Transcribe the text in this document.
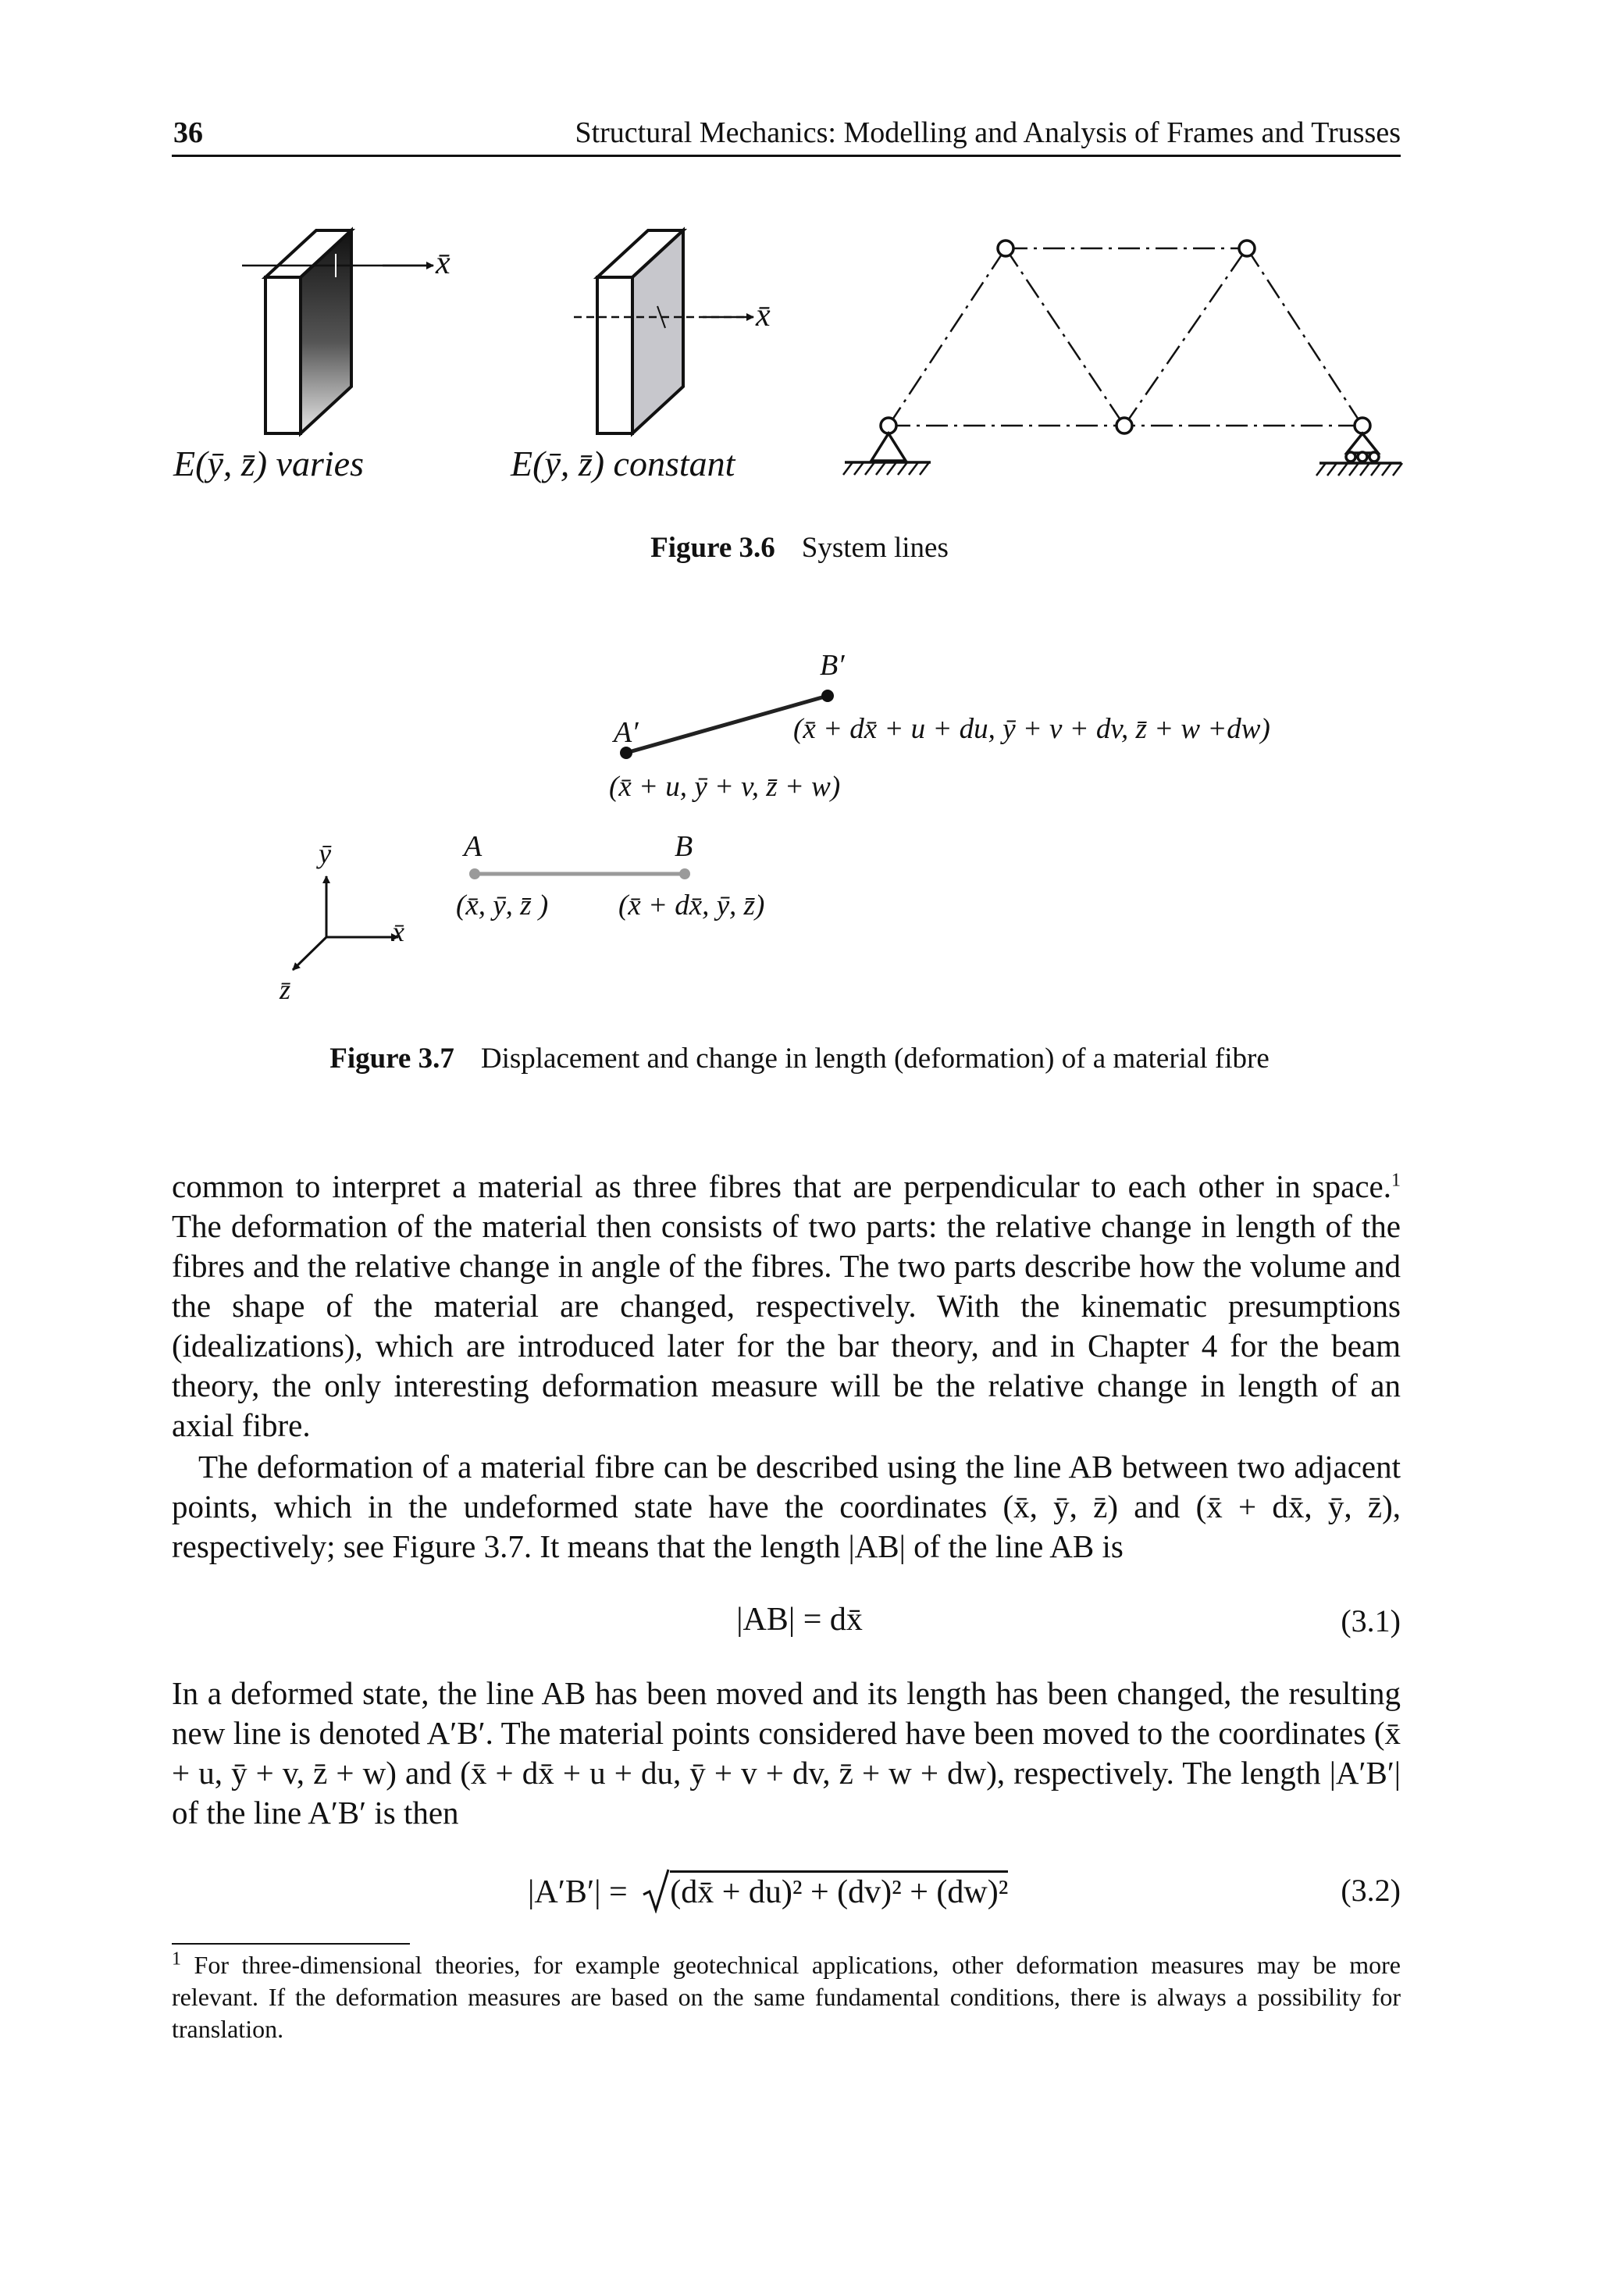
36	Structural Mechanics: Modelling and Analysis of Frames and Trusses
x̄
x̄
E(ȳ, z̄) varies	E(ȳ, z̄) constant
Figure 3.6 System lines
B′
A′	(x̄ + dx̄ + u + du, ȳ + v + dv, z̄ + w +dw)
(x̄ + u, ȳ + v, z̄ + w)
A	B
(x̄, ȳ, z̄ ) (x̄ + dx̄, ȳ, z̄)
ȳ
x̄
z̄
Figure 3.7 Displacement and change in length (deformation) of a material fibre

common to interpret a material as three fibres that are perpendicular to each other in space.$^1$ The deformation of the material then consists of two parts: the relative change in length of the fibres and the relative change in angle of the fibres. The two parts describe how the volume and the shape of the material are changed, respectively. With the kinematic presumptions (idealizations), which are introduced later for the bar theory, and in Chapter 4 for the beam theory, the only interesting deformation measure will be the relative change in length of an axial fibre.

The deformation of a material fibre can be described using the line AB between two adjacent points, which in the undeformed state have the coordinates (x̄, ȳ, z̄) and (x̄ + dx̄, ȳ, z̄), respectively; see Figure 3.7. It means that the length |AB| of the line AB is
|AB| = dx̄	(3.1)
In a deformed state, the line AB has been moved and its length has been changed, the resulting new line is denoted A′B′. The material points considered have been moved to the coordinates (x̄ + u, ȳ + v, z̄ + w) and (x̄ + dx̄ + u + du, ȳ + v + dv, z̄ + w + dw), respectively. The length |A′B′| of the line A′B′ is then
|A′B′| = (dx̄ + du)² + (dv)² + (dw)²	(3.2)
$^1$ For three-dimensional theories, for example geotechnical applications, other deformation measures may be more relevant. If the deformation measures are based on the same fundamental conditions, there is always a possibility for translation.
